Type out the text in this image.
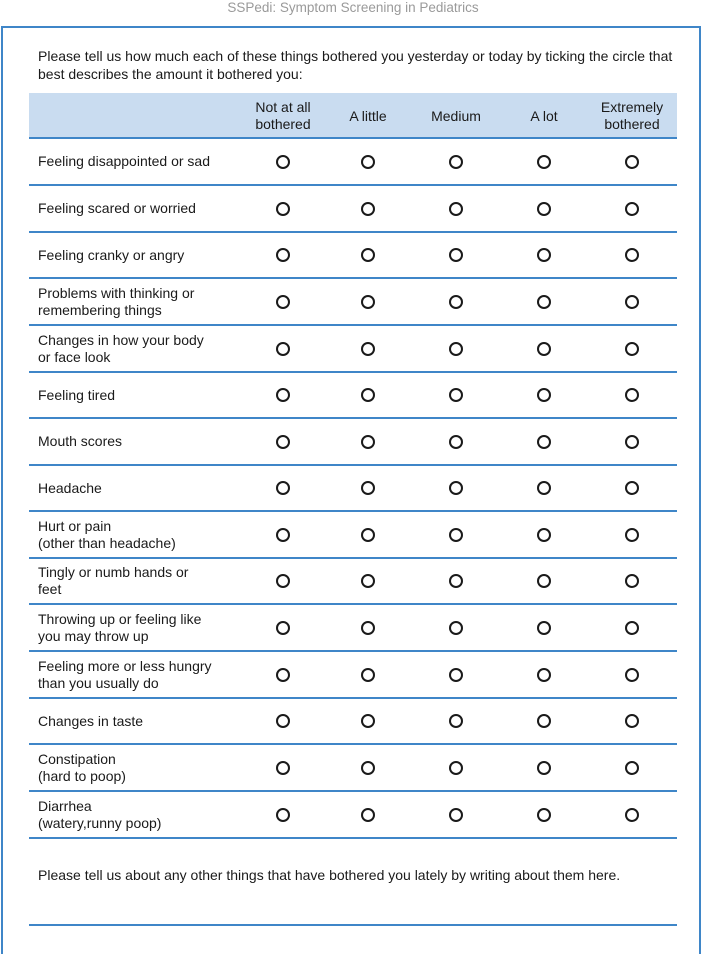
SSPedi: Symptom Screening in Pediatrics
Please tell us how much each of these things bothered you yesterday or today by ticking the circle that best describes the amount it bothered you:
Not at all
bothered
A little	Medium	A lot
Extremely
bothered
Feeling disappointed or sad
Feeling scared or worried
Feeling cranky or angry
Problems with thinking or
remembering things
Changes in how your body
or face look
Feeling tired
Mouth scores
Headache
Hurt or pain
(other than headache)
Tingly or numb hands or
feet
Throwing up or feeling like
you may throw up
Feeling more or less hungry
than you usually do
Changes in taste
Constipation
(hard to poop)
Diarrhea
(watery,runny poop)
Please tell us about any other things that have bothered you lately by writing about them here.
